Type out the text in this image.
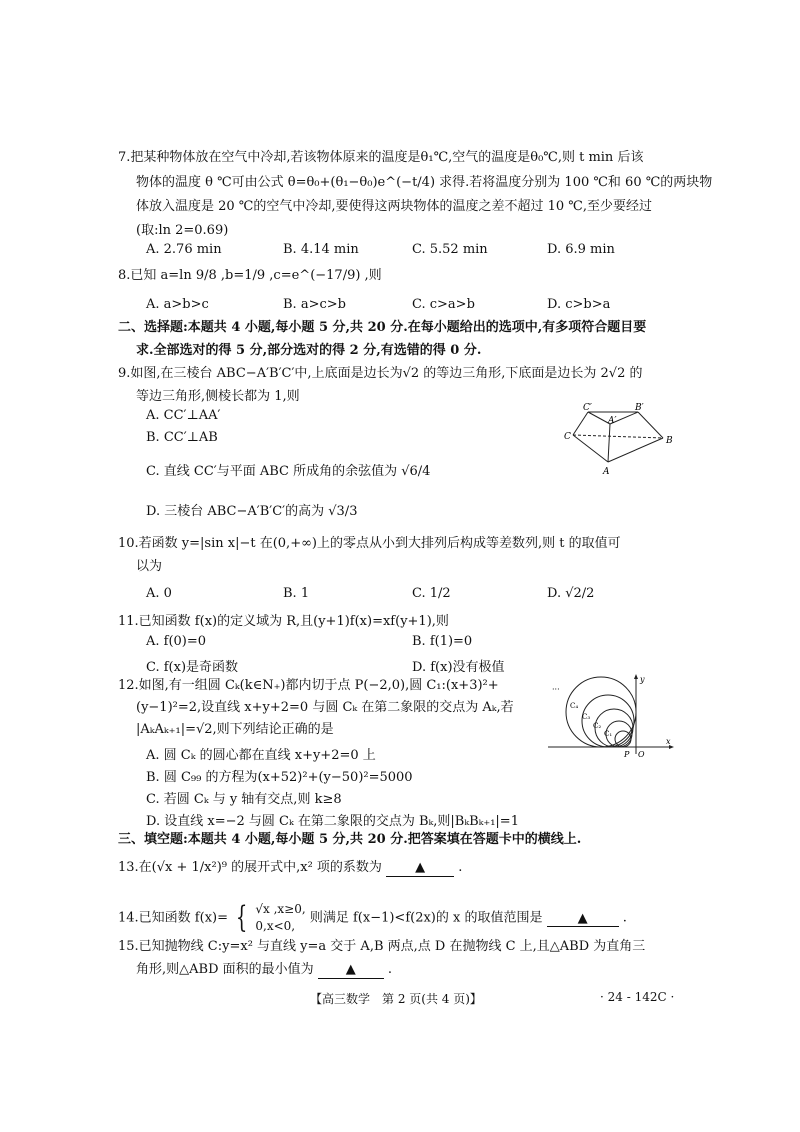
7.把某种物体放在空气中冷却,若该物体原来的温度是θ₁℃,空气的温度是θ₀℃,则 t min 后该
物体的温度 θ ℃可由公式 θ=θ₀+(θ₁−θ₀)e^(−t/4) 求得.若将温度分别为 100 ℃和 60 ℃的两块物
体放入温度是 20 ℃的空气中冷却,要使得这两块物体的温度之差不超过 10 ℃,至少要经过
(取:ln 2=0.69)
A. 2.76 min	B. 4.14 min	C. 5.52 min	D. 6.9 min
8.已知 a=ln 9/8 ,b=1/9 ,c=e^(−17/9) ,则
A. a>b>c	B. a>c>b	C. c>a>b	D. c>b>a
二、选择题:本题共 4 小题,每小题 5 分,共 20 分.在每小题给出的选项中,有多项符合题目要
求.全部选对的得 5 分,部分选对的得 2 分,有选错的得 0 分.
9.如图,在三棱台 ABC−A′B′C′中,上底面是边长为√2 的等边三角形,下底面是边长为 2√2 的
等边三角形,侧棱长都为 1,则
A. CC′⊥AA′
B. CC′⊥AB
C. 直线 CC′与平面 ABC 所成角的余弦值为 √6/4
D. 三棱台 ABC−A′B′C′的高为 √3/3
C′	B′
A′
C	B
A
10.若函数 y=|sin x|−t 在(0,+∞)上的零点从小到大排列后构成等差数列,则 t 的取值可
以为
A. 0	B. 1	C. 1/2	D. √2/2
11.已知函数 f(x)的定义域为 R,且(y+1)f(x)=xf(y+1),则
A. f(0)=0	B. f(1)=0
C. f(x)是奇函数	D. f(x)没有极值
12.如图,有一组圆 Cₖ(k∈N₊)都内切于点 P(−2,0),圆 C₁:(x+3)²+
(y−1)²=2,设直线 x+y+2=0 与圆 Cₖ 在第二象限的交点为 Aₖ,若
|AₖAₖ₊₁|=√2,则下列结论正确的是
A. 圆 Cₖ 的圆心都在直线 x+y+2=0 上
B. 圆 C₉₉ 的方程为(x+52)²+(y−50)²=5000
C. 若圆 Cₖ 与 y 轴有交点,则 k≥8
D. 设直线 x=−2 与圆 Cₖ 在第二象限的交点为 Bₖ,则|BₖBₖ₊₁|=1
y
x
P O
C₄
C₃
C₂
C₁
···
三、填空题:本题共 4 小题,每小题 5 分,共 20 分.把答案填在答题卡中的横线上.
13.在(√x + 1/x²)⁹ 的展开式中,x² 项的系数为	▲	.
14.已知函数 f(x)= { √x ,x≥0,
0,x<0,
则满足 f(x−1)<f(2x)的 x 的取值范围是	▲	.
15.已知抛物线 C:y=x² 与直线 y=a 交于 A,B 两点,点 D 在抛物线 C 上,且△ABD 为直角三
角形,则△ABD 面积的最小值为 ▲ .
【高三数学　第 2 页(共 4 页)】	· 24 - 142C ·
